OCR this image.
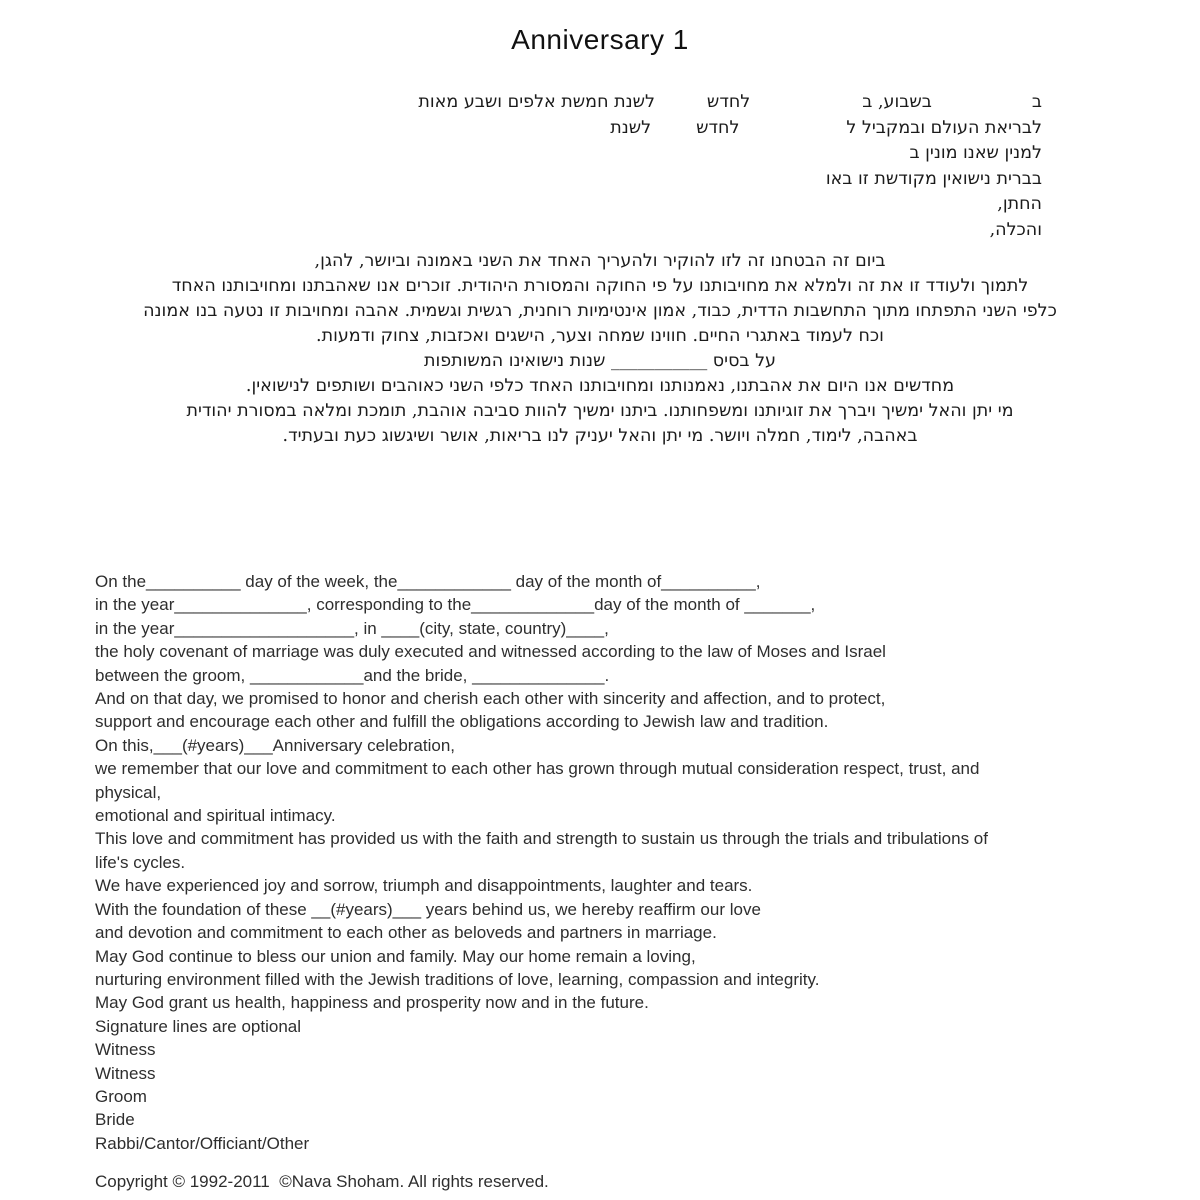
Anniversary 1
ב
בשבוע, ב
לחדש
לשנת חמשת אלפים ושבע מאות
לבריאת העולם ובמקביל ל
לחדש
לשנת
למנין שאנו מונין ב
בברית נישואין מקודשת זו באו
החתן,
והכלה,
ביום זה הבטחנו זה לזו להוקיר ולהעריך האחד את השני באמונה וביושר, להגן,
לתמוך ולעודד זו את זה ולמלא את מחויבותנו על פי החוקה והמסורת היהודית. זוכרים אנו שאהבתנו ומחויבותנו האחד
כלפי השני התפתחו מתוך התחשבות הדדית, כבוד, אמון אינטימיות רוחנית, רגשית וגשמית. אהבה ומחויבות זו נטעה בנו אמונה
וכח לעמוד באתגרי החיים. חווינו שמחה וצער, הישגים ואכזבות, צחוק ודמעות.
על בסיס ___________ שנות נישואינו המשותפות
מחדשים אנו היום את אהבתנו, נאמנותנו ומחויבותנו האחד כלפי השני כאוהבים ושותפים לנישואין.
מי יתן והאל ימשיך ויברך את זוגיותנו ומשפחותנו. ביתנו ימשיך להוות סביבה אוהבת, תומכת ומלאה במסורת יהודית
באהבה, לימוד, חמלה ויושר. מי יתן והאל יעניק לנו בריאות, אושר ושיגשוג כעת ובעתיד.
On the__________ day of the week, the____________ day of the month of__________,
in the year______________, corresponding to the_____________day of the month of _______,
in the year___________________, in ____(city, state, country)____,
the holy covenant of marriage was duly executed and witnessed according to the law of Moses and Israel
between the groom, ____________and the bride, ______________.
And on that day, we promised to honor and cherish each other with sincerity and affection, and to protect,
support and encourage each other and fulfill the obligations according to Jewish law and tradition.
On this,___(#years)___Anniversary celebration,
we remember that our love and commitment to each other has grown through mutual consideration respect, trust, and
physical,
emotional and spiritual intimacy.
This love and commitment has provided us with the faith and strength to sustain us through the trials and tribulations of
life's cycles.
We have experienced joy and sorrow, triumph and disappointments, laughter and tears.
With the foundation of these __(#years)___ years behind us, we hereby reaffirm our love
and devotion and commitment to each other as beloveds and partners in marriage.
May God continue to bless our union and family. May our home remain a loving,
nurturing environment filled with the Jewish traditions of love, learning, compassion and integrity.
May God grant us health, happiness and prosperity now and in the future.
Signature lines are optional
Witness
Witness
Groom
Bride
Rabbi/Cantor/Officiant/Other
Copyright © 1992-2011  ©Nava Shoham. All rights reserved.
